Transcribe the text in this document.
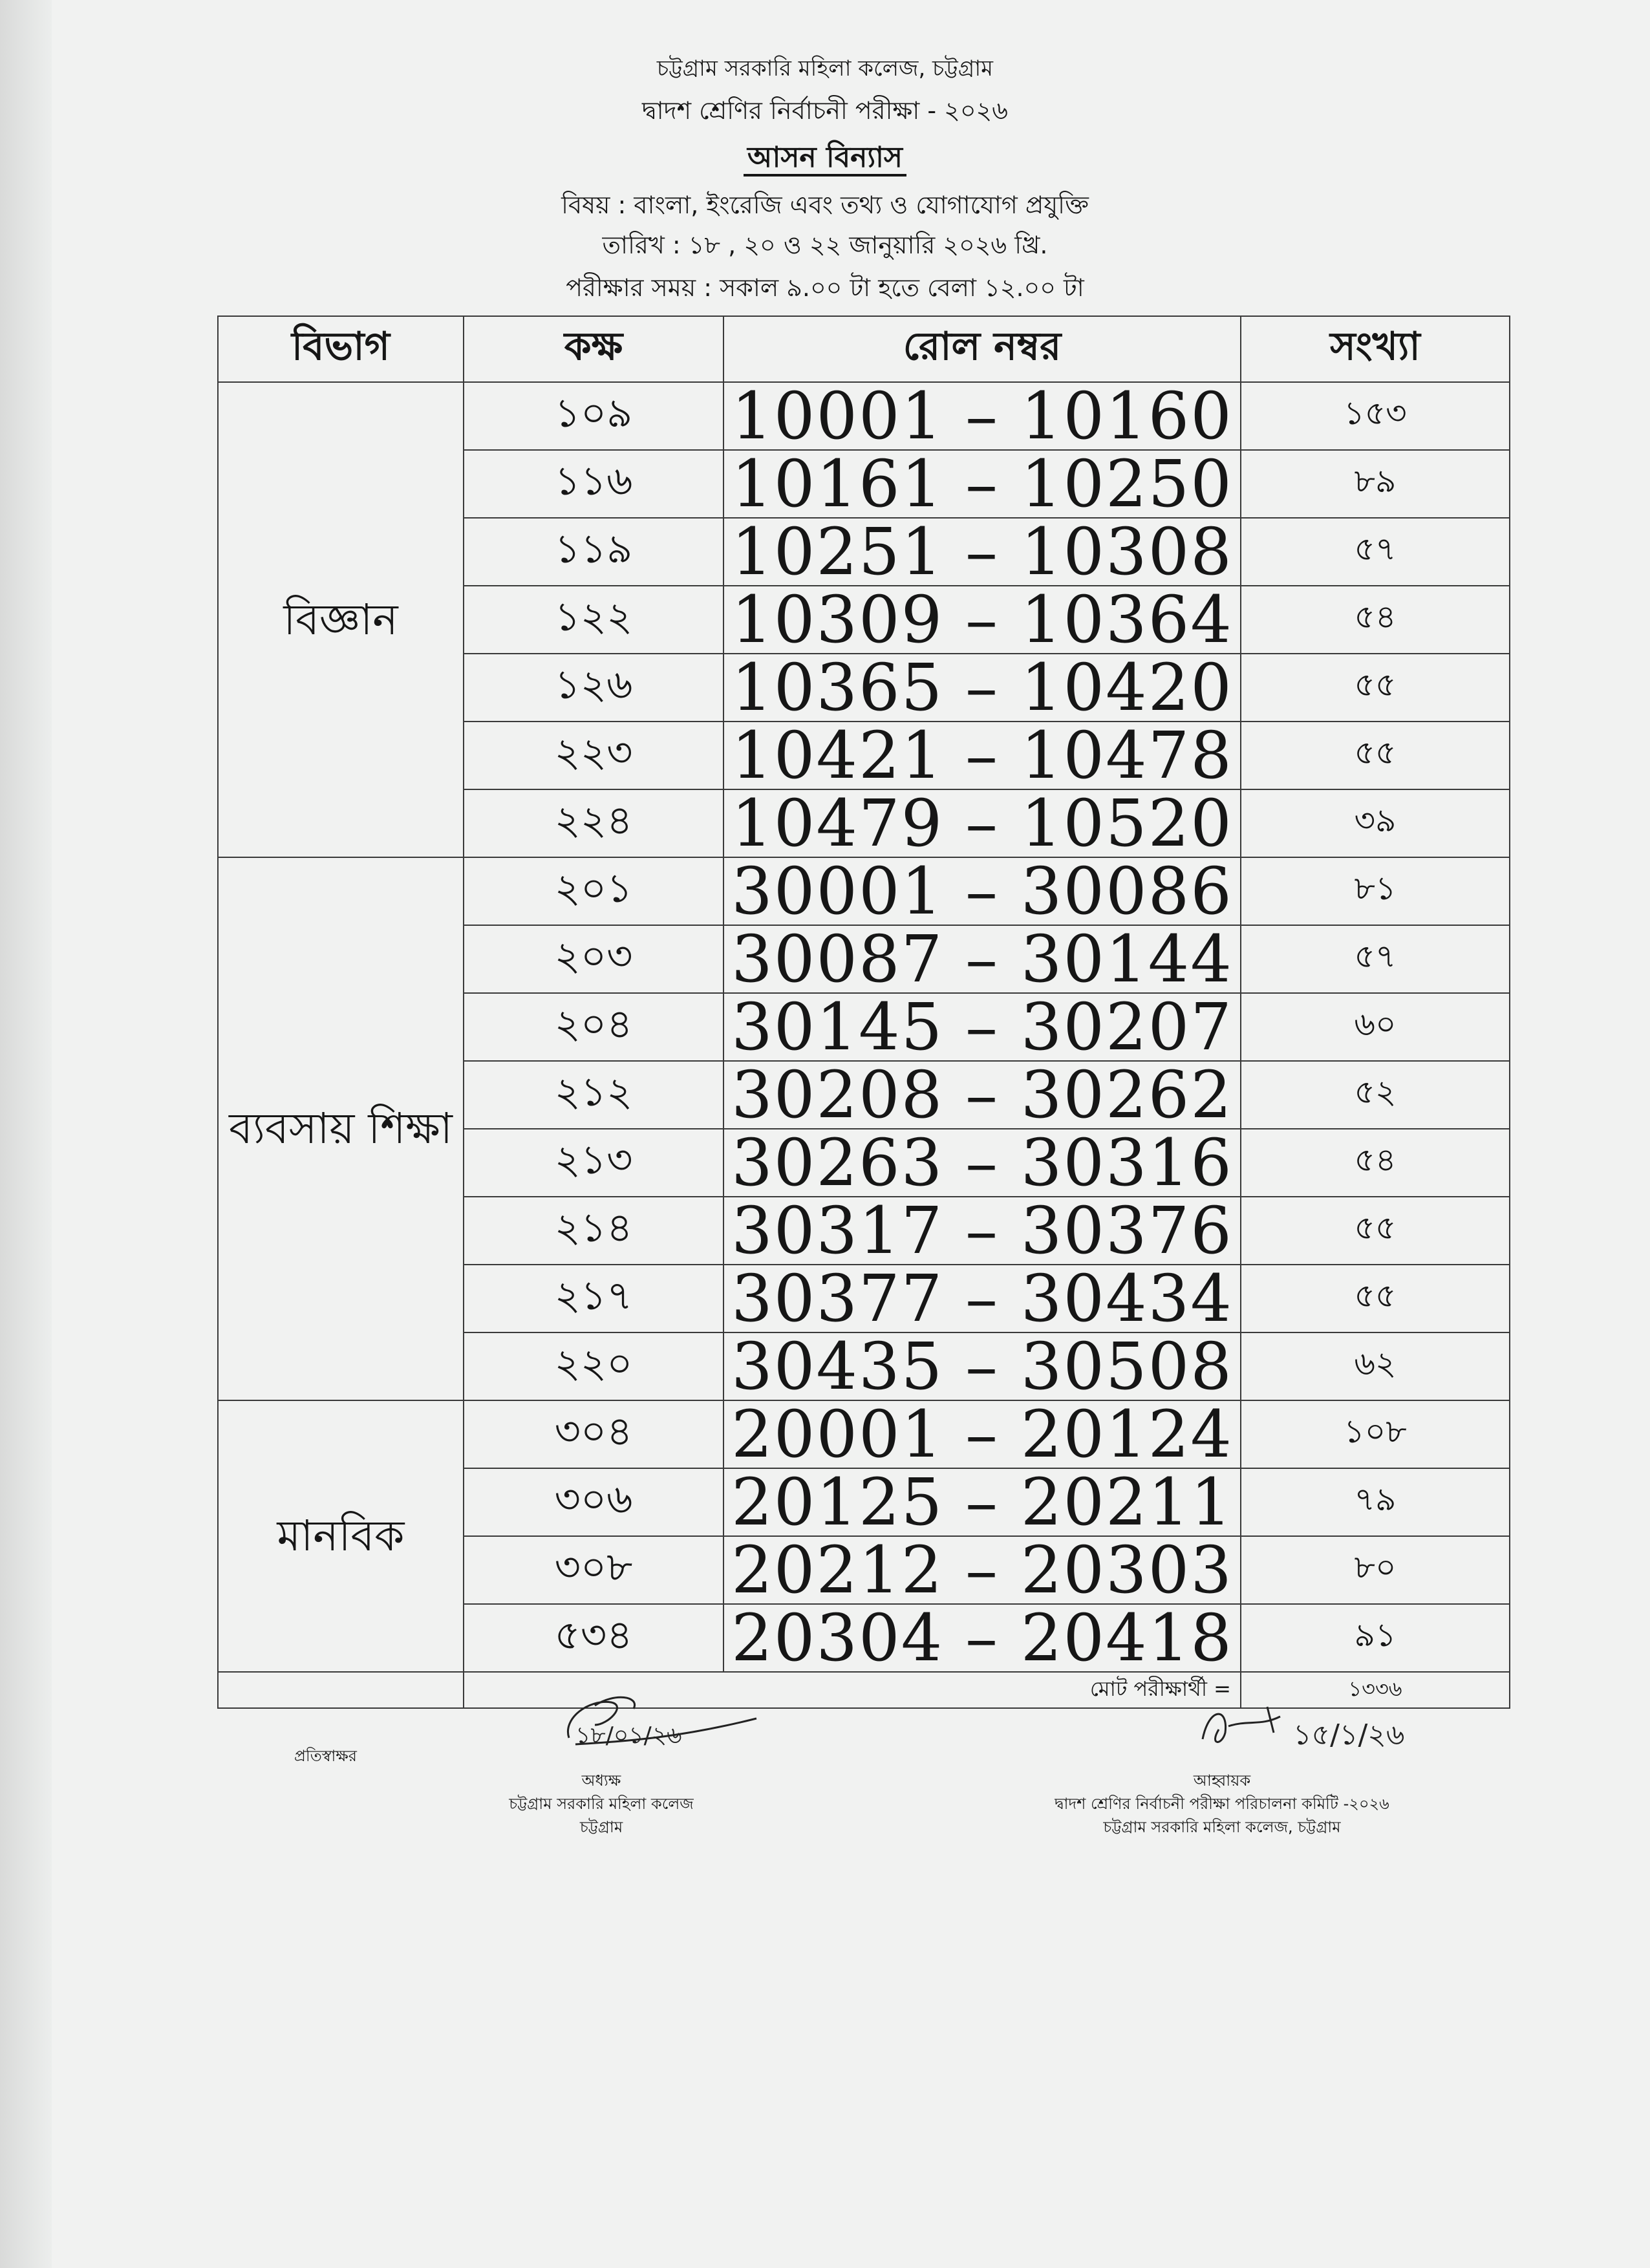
চট্টগ্রাম সরকারি মহিলা কলেজ, চট্টগ্রাম
দ্বাদশ শ্রেণির নির্বাচনী পরীক্ষা - ২০২৬
আসন বিন্যাস
বিষয় : বাংলা, ইংরেজি এবং তথ্য ও যোগাযোগ প্রযুক্তি
তারিখ : ১৮ , ২০ ও ২২ জানুয়ারি ২০২৬ খ্রি.
পরীক্ষার সময় : সকাল ৯.০০ টা হতে বেলা ১২.০০ টা
বিভাগ	কক্ষ	রোল নম্বর	সংখ্যা
বিজ্ঞান	১০৯	10001 – 10160	১৫৩
	১১৬	10161 – 10250	৮৯
	১১৯	10251 – 10308	৫৭
	১২২	10309 – 10364	৫৪
	১২৬	10365 – 10420	৫৫
	২২৩	10421 – 10478	৫৫
	২২৪	10479 – 10520	৩৯
ব্যবসায় শিক্ষা	২০১	30001 – 30086	৮১
	২০৩	30087 – 30144	৫৭
	২০৪	30145 – 30207	৬০
	২১২	30208 – 30262	৫২
	২১৩	30263 – 30316	৫৪
	২১৪	30317 – 30376	৫৫
	২১৭	30377 – 30434	৫৫
	২২০	30435 – 30508	৬২
মানবিক	৩০৪	20001 – 20124	১০৮
	৩০৬	20125 – 20211	৭৯
	৩০৮	20212 – 20303	৮০
	৫৩৪	20304 – 20418	৯১
	মোট পরীক্ষার্থী =		১৩৩৬
প্রতিস্বাক্ষর
১৮/০১/২৬
অধ্যক্ষ
চট্টগ্রাম সরকারি মহিলা কলেজ
চট্টগ্রাম
১৫/১/২৬
আহ্বায়ক
দ্বাদশ শ্রেণির নির্বাচনী পরীক্ষা পরিচালনা কমিটি -২০২৬
চট্টগ্রাম সরকারি মহিলা কলেজ, চট্টগ্রাম
